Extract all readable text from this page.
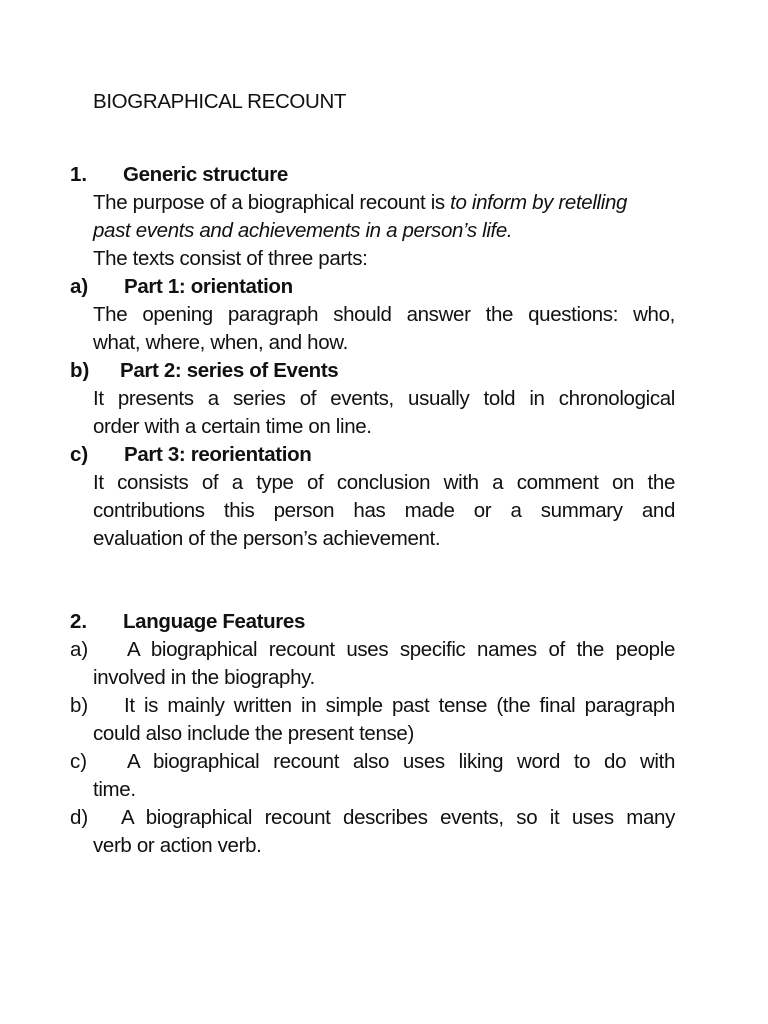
BIOGRAPHICAL RECOUNT
1. Generic structure
The purpose of a biographical recount is to inform by retelling
past events and achievements in a person’s life.
The texts consist of three parts:
a) Part 1: orientation
The opening paragraph should answer the questions: who,
what, where, when, and how.
b) Part 2: series of Events
It presents a series of events, usually told in chronological
order with a certain time on line.
c) Part 3: reorientation
It consists of a type of conclusion with a comment on the
contributions this person has made or a summary and
evaluation of the person’s achievement.
2. Language Features
a) A biographical recount uses specific names of the people
involved in the biography.
b) It is mainly written in simple past tense (the final paragraph
could also include the present tense)
c) A biographical recount also uses liking word to do with
time.
d) A biographical recount describes events, so it uses many
verb or action verb.
